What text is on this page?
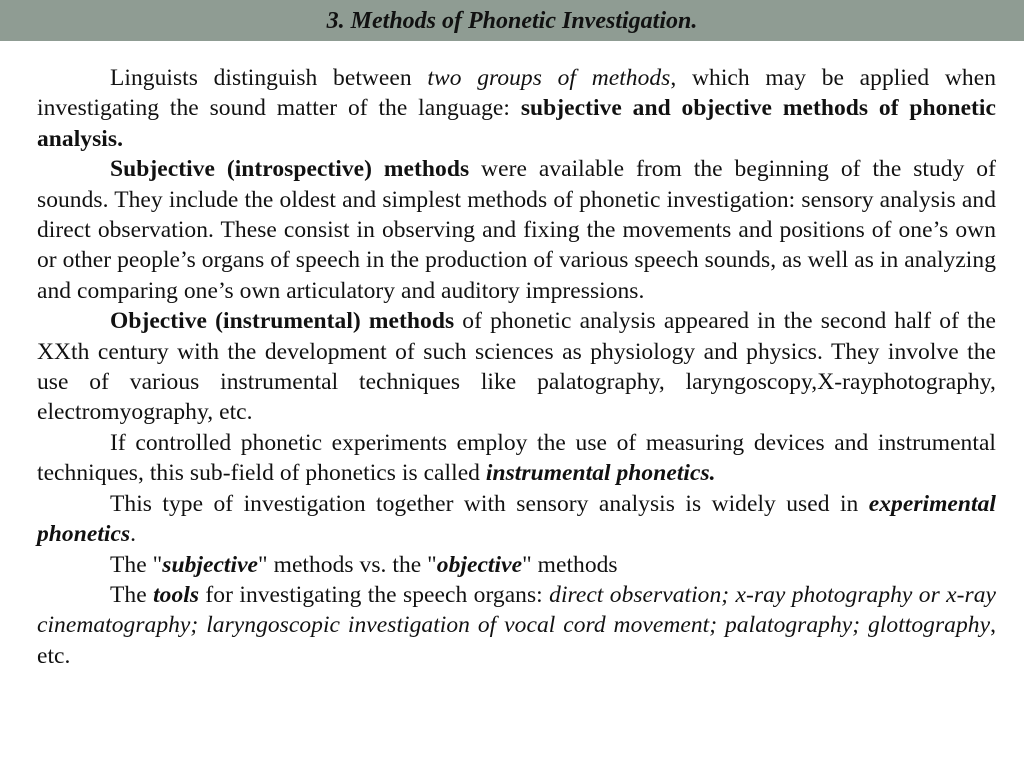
3. Methods of Phonetic Investigation.

Linguists distinguish between two groups of methods, which may be applied when investigating the sound matter of the language: subjective and objective methods of phonetic analysis.

Subjective (introspective) methods were available from the beginning of the study of sounds. They include the oldest and simplest methods of phonetic investigation: sensory analysis and direct observation. These consist in observing and fixing the movements and positions of one’s own or other people’s organs of speech in the production of various speech sounds, as well as in analyzing and comparing one’s own articulatory and auditory impressions.

Objective (instrumental) methods of phonetic analysis appeared in the second half of the XXth century with the development of such sciences as physiology and physics. They involve the use of various instrumental techniques like palatography, laryngoscopy,X-rayphotography, electromyography, etc.

If controlled phonetic experiments employ the use of measuring devices and instrumental techniques, this sub-field of phonetics is called instrumental phonetics.

This type of investigation together with sensory analysis is widely used in experimental phonetics.

The "subjective" methods vs. the "objective" methods

The tools for investigating the speech organs: direct observation; x-ray photography or x-ray cinematography; laryngoscopic investigation of vocal cord movement; palatography; glottography, etc.
